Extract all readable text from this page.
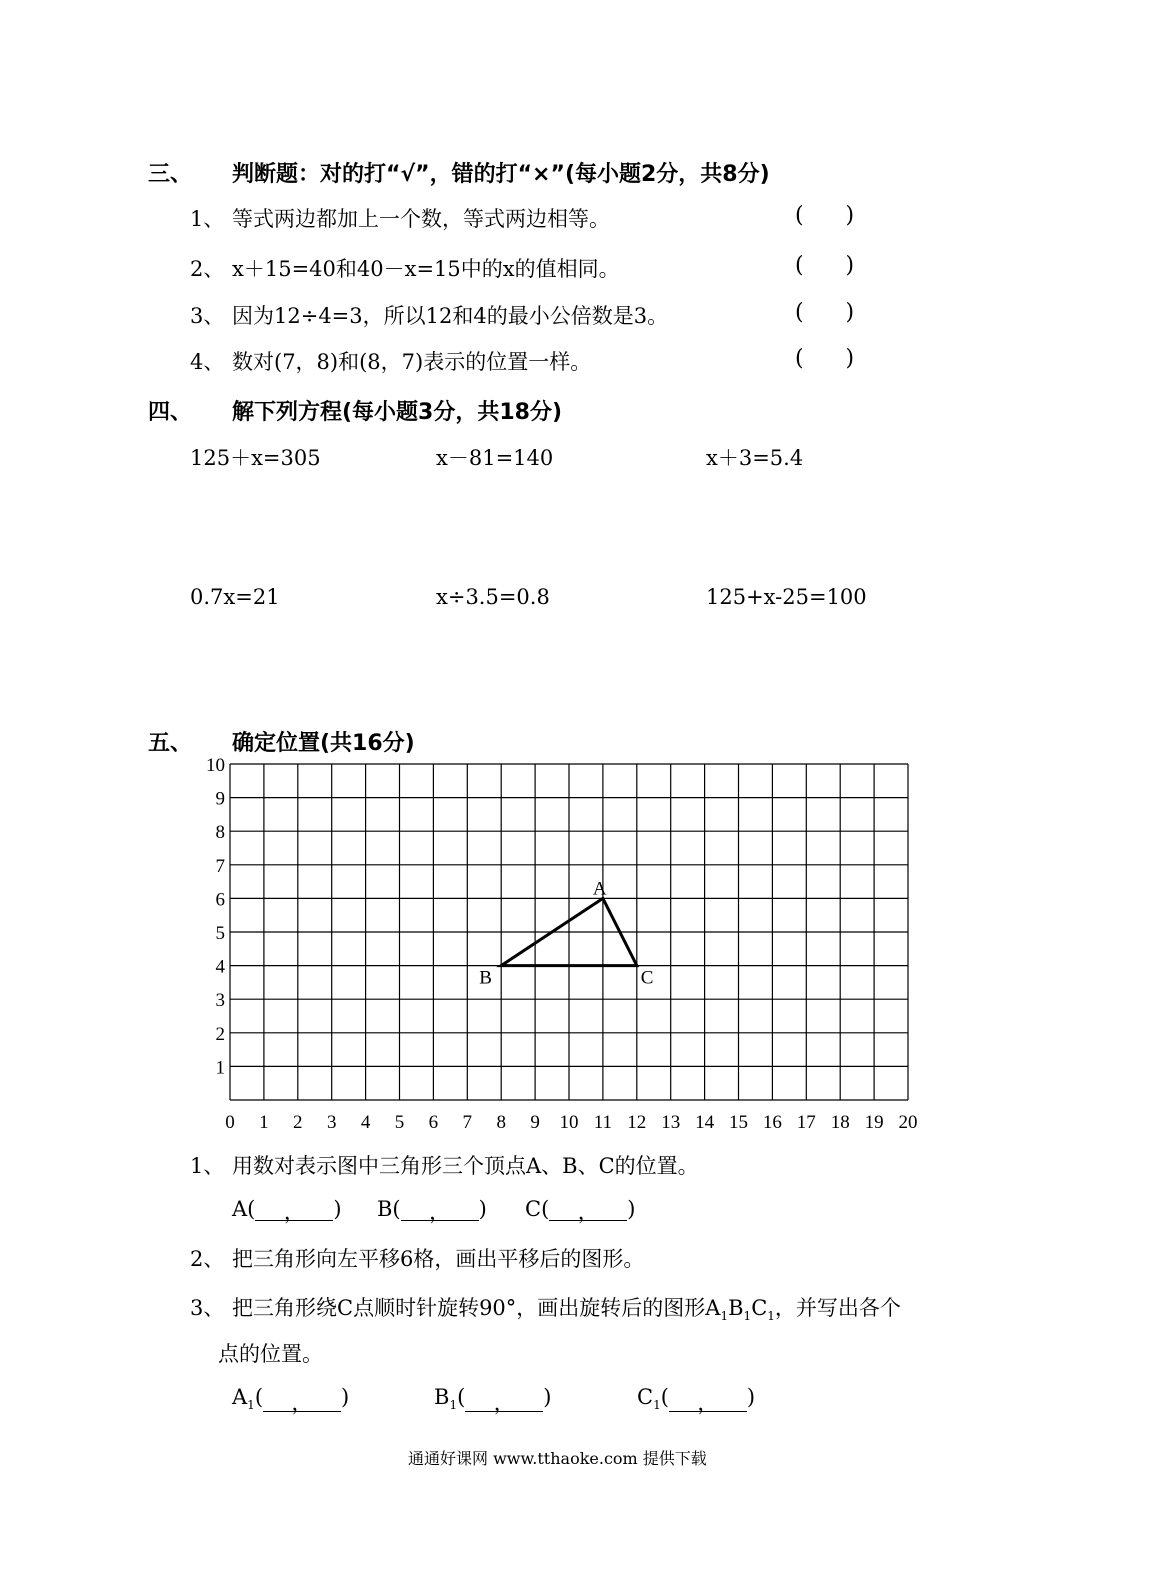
三、 判断题：对的打“√”，错的打“×”(每小题2分，共8分)
1、 等式两边都加上一个数，等式两边相等。	(      )
2、 x＋15=40和40－x=15中的x的值相同。	(      )
3、 因为12÷4=3，所以12和4的最小公倍数是3。	(      )
4、 数对(7，8)和(8，7)表示的位置一样。	(      )
四、 解下列方程(每小题3分，共18分)
125＋x=305	x－81=140	x＋3=5.4
0.7x=21	x÷3.5=0.8	125+x-25=100
五、 确定位置(共16分)
0 1 2 3 4 5 6 7 8 9 10 11 12 13 14 15 16 17 18 19 20
1
2
3
4
5
6
7
8
9
10
A
B	C
1、 用数对表示图中三角形三个顶点A、B、C的位置。
A( ， ) B( ， ) C( ， )
2、 把三角形向左平移6格，画出平移后的图形。
3、 把三角形绕C点顺时针旋转90°，画出旋转后的图形$A_1B_1C_1$，并写出各个
点的位置。
$A_1$( ， )	$B_1$( ， )	$C_1$( ， )
通通好课网 www.tthaoke.com 提供下载
